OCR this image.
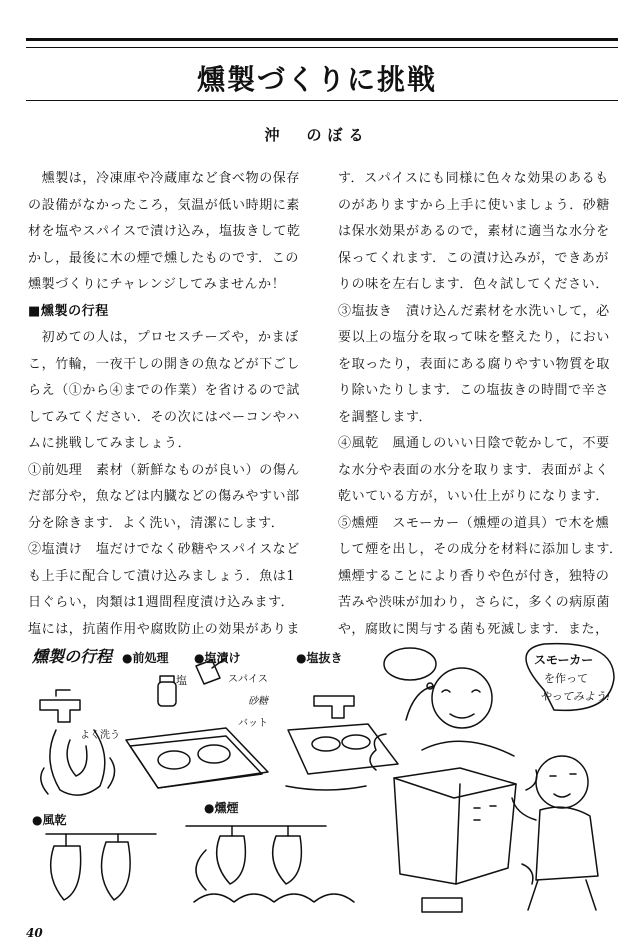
燻製づくりに挑戦
沖　のぼる

　燻製は，冷凍庫や冷蔵庫など食べ物の保存

の設備がなかったころ，気温が低い時期に素

材を塩やスパイスで漬け込み，塩抜きして乾

かし，最後に木の煙で燻したものです．この

燻製づくりにチャレンジしてみませんか！

■燻製の行程

　初めての人は，プロセスチーズや，かまぼ

こ，竹輪，一夜干しの開きの魚などが下ごし

らえ（①から④までの作業）を省けるので試

してみてください．その次にはベーコンやハ

ムに挑戦してみましょう．

①前処理　素材（新鮮なものが良い）の傷ん

だ部分や，魚などは内臓などの傷みやすい部

分を除きます．よく洗い，清潔にします．

②塩漬け　塩だけでなく砂糖やスパイスなど

も上手に配合して漬け込みましょう．魚は1

日ぐらい，肉類は1週間程度漬け込みます．

塩には，抗菌作用や腐敗防止の効果がありま

す．スパイスにも同様に色々な効果のあるも

のがありますから上手に使いましょう．砂糖

は保水効果があるので，素材に適当な水分を

保ってくれます．この漬け込みが，できあが

りの味を左右します．色々試してください．

③塩抜き　漬け込んだ素材を水洗いして，必

要以上の塩分を取って味を整えたり，におい

を取ったり，表面にある腐りやすい物質を取

り除いたりします．この塩抜きの時間で辛さ

を調整します．

④風乾　風通しのいい日陰で乾かして，不要

な水分や表面の水分を取ります．表面がよく

乾いている方が，いい仕上がりになります．

⑤燻煙　スモーカー（燻煙の道具）で木を燻

して煙を出し，その成分を材料に添加します．

燻煙することにより香りや色が付き，独特の

苦みや渋味が加わり，さらに，多くの病原菌

や，腐敗に関与する菌も死滅します．また，

燻製の行程 ●前処理
よく洗う
●塩漬け
塩	スパイス
砂糖
バット
●塩抜き
●風乾
●燻煙
スモーカー
を作って
やってみよう!
40
